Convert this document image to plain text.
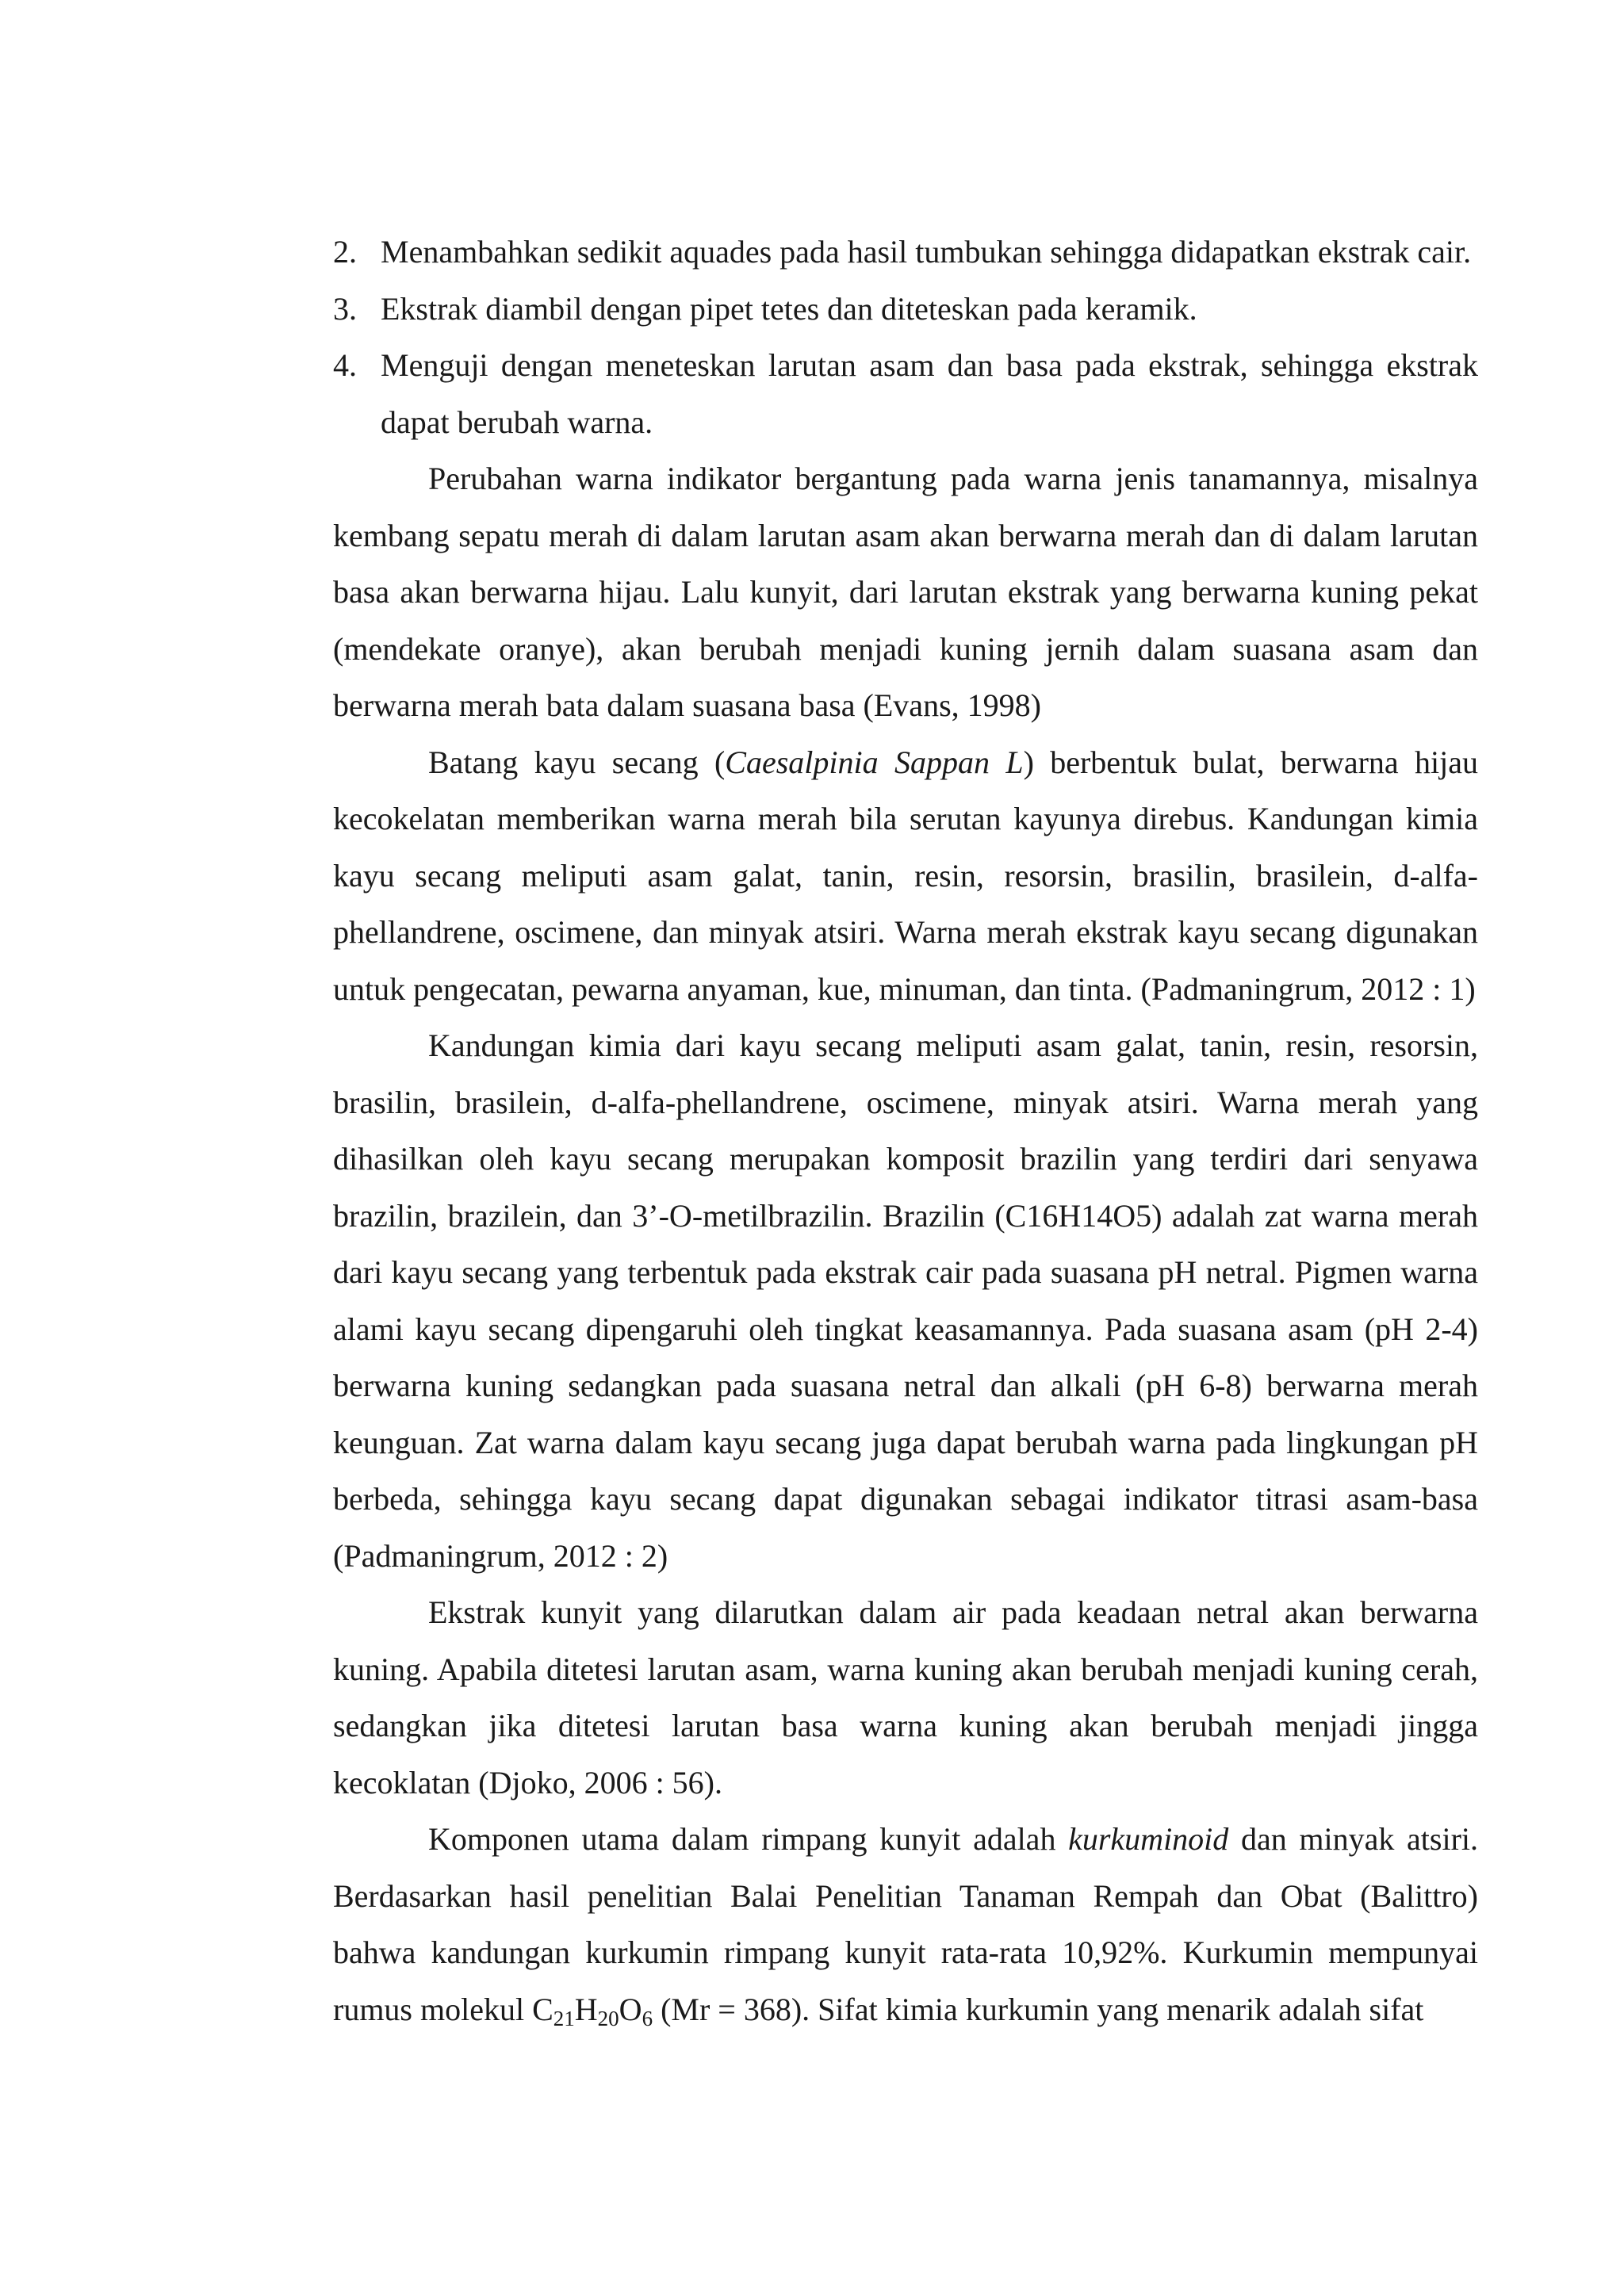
2. Menambahkan sedikit aquades pada hasil tumbukan sehingga didapatkan ekstrak cair.
3. Ekstrak diambil dengan pipet tetes dan diteteskan pada keramik.
4. Menguji dengan meneteskan larutan asam dan basa pada ekstrak, sehingga ekstrak dapat berubah warna.
Perubahan warna indikator bergantung pada warna jenis tanamannya, misalnya kembang sepatu merah di dalam larutan asam akan berwarna merah dan di dalam larutan basa akan berwarna hijau. Lalu kunyit, dari larutan ekstrak yang berwarna kuning pekat (mendekate oranye), akan berubah menjadi kuning jernih dalam suasana asam dan berwarna merah bata dalam suasana basa (Evans, 1998)
Batang kayu secang (Caesalpinia Sappan L) berbentuk bulat, berwarna hijau kecokelatan memberikan warna merah bila serutan kayunya direbus. Kandungan kimia kayu secang meliputi asam galat, tanin, resin, resorsin, brasilin, brasilein, d-alfa-phellandrene, oscimene, dan minyak atsiri. Warna merah ekstrak kayu secang digunakan untuk pengecatan, pewarna anyaman, kue, minuman, dan tinta. (Padmaningrum, 2012 : 1)
Kandungan kimia dari kayu secang meliputi asam galat, tanin, resin, resorsin, brasilin, brasilein, d-alfa-phellandrene, oscimene, minyak atsiri. Warna merah yang dihasilkan oleh kayu secang merupakan komposit brazilin yang terdiri dari senyawa brazilin, brazilein, dan 3’-O-metilbrazilin. Brazilin (C16H14O5) adalah zat warna merah dari kayu secang yang terbentuk pada ekstrak cair pada suasana pH netral. Pigmen warna alami kayu secang dipengaruhi oleh tingkat keasamannya. Pada suasana asam (pH 2-4) berwarna kuning sedangkan pada suasana netral dan alkali (pH 6-8) berwarna merah keunguan. Zat warna dalam kayu secang juga dapat berubah warna pada lingkungan pH berbeda, sehingga kayu secang dapat digunakan sebagai indikator titrasi asam-basa (Padmaningrum, 2012 : 2)
Ekstrak kunyit yang dilarutkan dalam air pada keadaan netral akan berwarna kuning. Apabila ditetesi larutan asam, warna kuning akan berubah menjadi kuning cerah, sedangkan jika ditetesi larutan basa warna kuning akan berubah menjadi jingga kecoklatan (Djoko, 2006 : 56).
Komponen utama dalam rimpang kunyit adalah kurkuminoid dan minyak atsiri. Berdasarkan hasil penelitian Balai Penelitian Tanaman Rempah dan Obat (Balittro) bahwa kandungan kurkumin rimpang kunyit rata-rata 10,92%. Kurkumin mempunyai rumus molekul $C_{21}H_{20}O_6$ (Mr = 368). Sifat kimia kurkumin yang menarik adalah sifat
